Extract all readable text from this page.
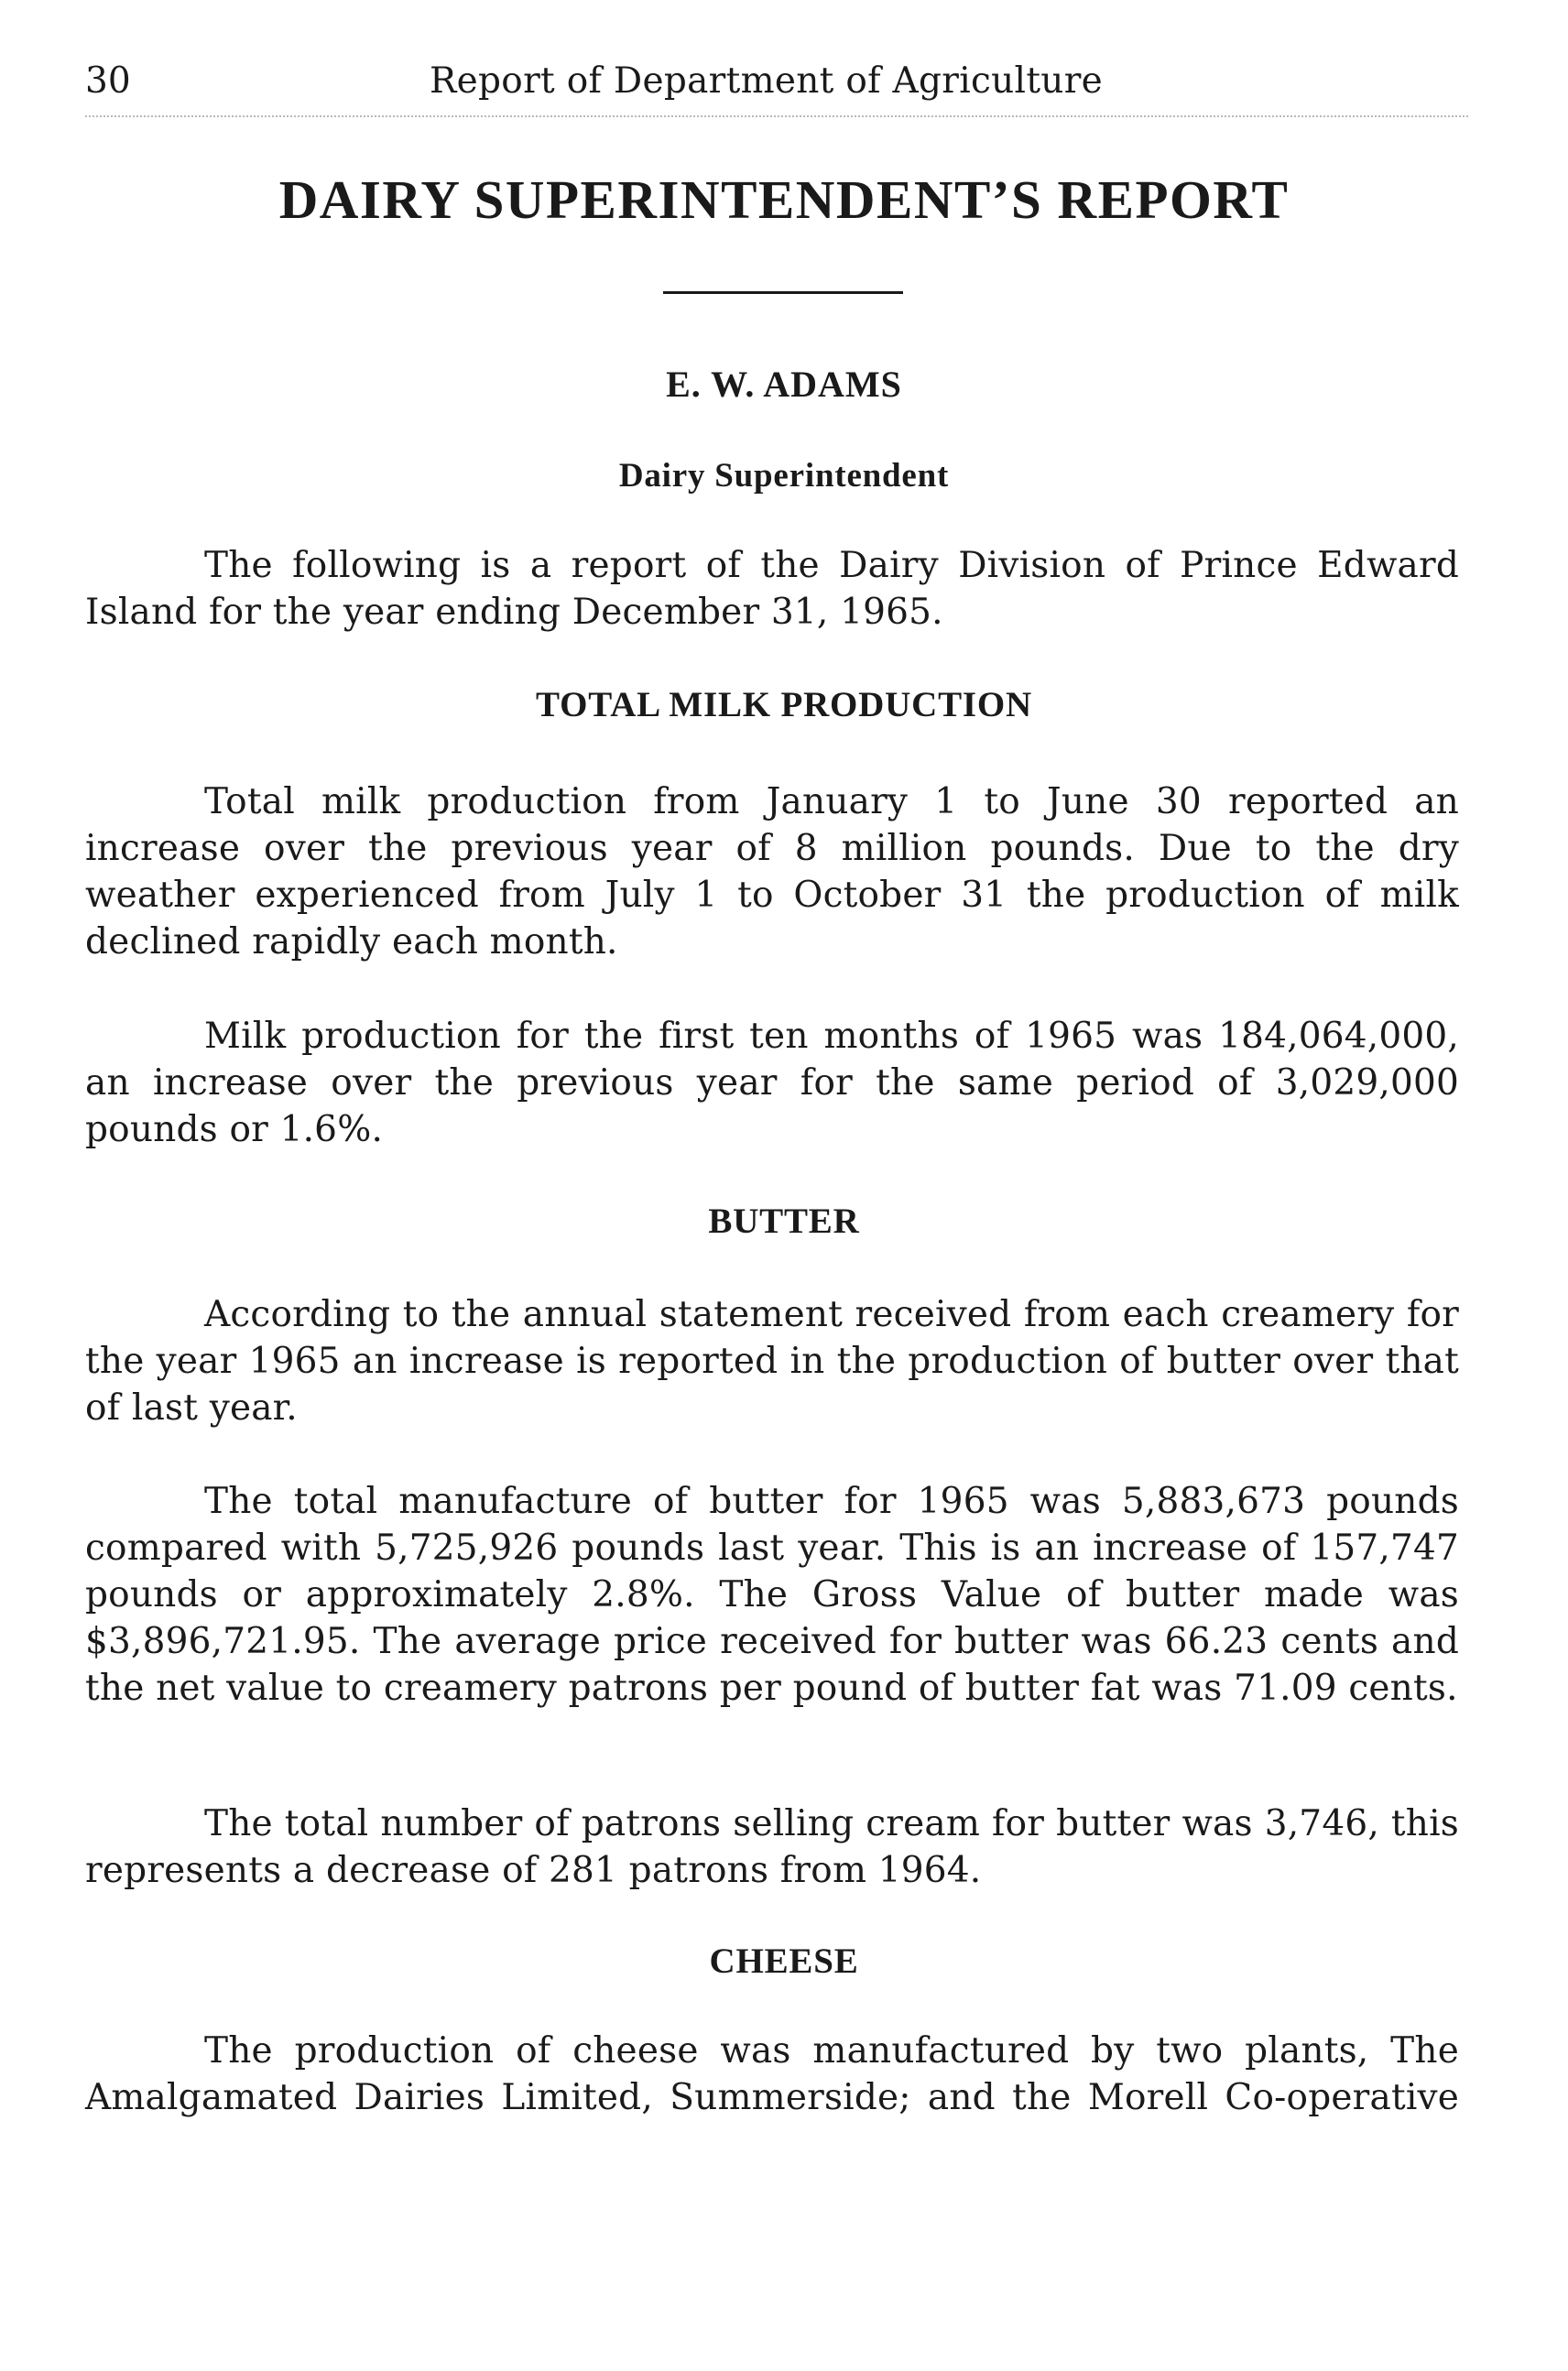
30	Report of Department of Agriculture
DAIRY SUPERINTENDENT’S REPORT
E. W. ADAMS
Dairy Superintendent

The following is a report of the Dairy Division of Prince Edward Island for the year ending December 31, 1965.

TOTAL MILK PRODUCTION

Total milk production from January 1 to June 30 reported an increase over the previous year of 8 million pounds. Due to the dry weather experienced from July 1 to October 31 the production of milk declined rapidly each month.

Milk production for the first ten months of 1965 was 184,064,000, an increase over the previous year for the same period of 3,029,000 pounds or 1.6%.

BUTTER

According to the annual statement received from each creamery for the year 1965 an increase is reported in the production of butter over that of last year.

The total manufacture of butter for 1965 was 5,883,673 pounds compared with 5,725,926 pounds last year. This is an increase of 157,747 pounds or approximately 2.8%. The Gross Value of butter made was $3,896,721.95. The average price received for butter was 66.23 cents and the net value to creamery patrons per pound of butter fat was 71.09 cents.

The total number of patrons selling cream for butter was 3,746, this represents a decrease of 281 patrons from 1964.

CHEESE

The production of cheese was manufactured by two plants, The Amalgamated Dairies Limited, Summerside; and the Morell Co-operative
